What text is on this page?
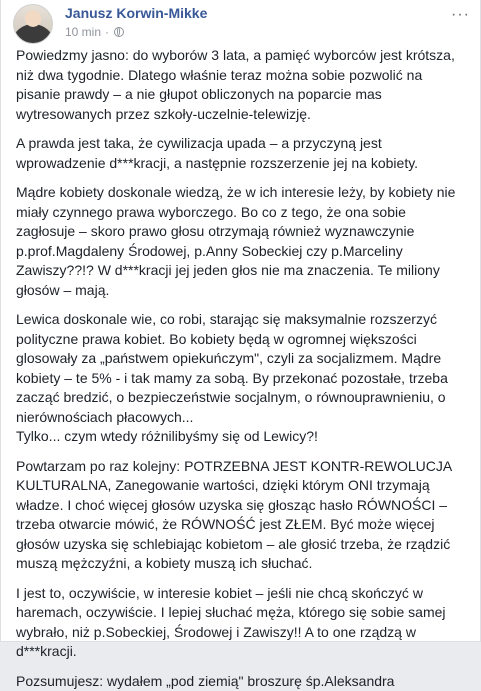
Janusz Korwin-Mikke
10 min ·
···

Powiedzmy jasno: do wyborów 3 lata, a pamięć wyborców jest krótsza, niż dwa tygodnie. Dlatego właśnie teraz można sobie pozwolić na pisanie prawdy – a nie głupot obliczonych na poparcie mas wytresowanych przez szkoły-uczelnie-telewizję.

A prawda jest taka, że cywilizacja upada – a przyczyną jest wprowadzenie d***kracji, a następnie rozszerzenie jej na kobiety.

Mądre kobiety doskonale wiedzą, że w ich interesie leży, by kobiety nie miały czynnego prawa wyborczego. Bo co z tego, że ona sobie zagłosuje – skoro prawo głosu otrzymają również wyznawczynie p.prof.Magdaleny Środowej, p.Anny Sobeckiej czy p.Marceliny Zawiszy??!? W d***kracji jej jeden głos nie ma znaczenia. Te miliony głosów – mają.

Lewica doskonale wie, co robi, starając się maksymalnie rozszerzyć polityczne prawa kobiet. Bo kobiety będą w ogromnej większości glosowały za „państwem opiekuńczym", czyli za socjalizmem. Mądre kobiety – te 5% - i tak mamy za sobą. By przekonać pozostałe, trzeba zacząć bredzić, o bezpieczeństwie socjalnym, o równouprawnieniu, o nierównościach płacowych...
Tylko... czym wtedy różnilibyśmy się od Lewicy?!

Powtarzam po raz kolejny: POTRZEBNA JEST KONTR-REWOLUCJA KULTURALNA, Zanegowanie wartości, dzięki którym ONI trzymają władze. I choć więcej głosów uzyska się głosząc hasło RÓWNOŚCI – trzeba otwarcie mówić, że RÓWNOŚĆ jest ZŁEM. Być może więcej głosów uzyska się schlebiając kobietom – ale głosić trzeba, że rządzić muszą mężczyźni, a kobiety muszą ich słuchać.

I jest to, oczywiście, w interesie kobiet – jeśli nie chcą skończyć w haremach, oczywiście. I lepiej słuchać męża, którego się sobie samej wybrało, niż p.Sobeckiej, Środowej i Zawiszy!! A to one rządzą w d***kracji.

Pozsumujesz: wydałem „pod ziemią" broszurę śp.Aleksandra
